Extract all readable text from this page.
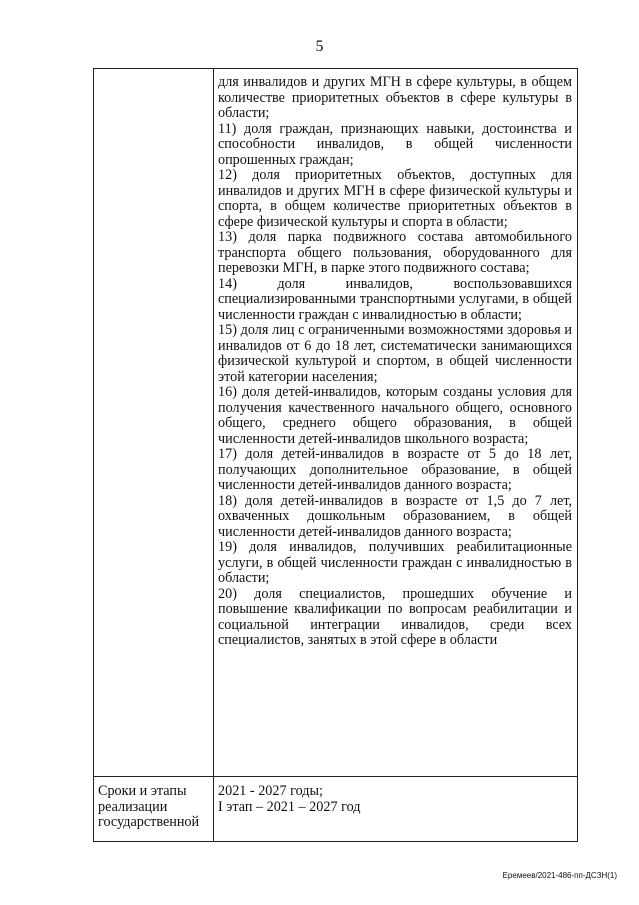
5

для инвалидов и других МГН в сфере культуры, в общем количестве приоритетных объектов в сфере культуры в области;

11) доля граждан, признающих навыки, достоинства и способности инвалидов, в общей численности опрошенных граждан;

12) доля приоритетных объектов, доступных для инвалидов и других МГН в сфере физической культуры и спорта, в общем количестве приоритетных объектов в сфере физической культуры и спорта в области;

13) доля парка подвижного состава автомобильного транспорта общего пользования, оборудованного для перевозки МГН, в парке этого подвижного состава;

14) доля инвалидов, воспользовавшихся специализированными транспортными услугами, в общей численности граждан с инвалидностью в области;

15) доля лиц с ограниченными возможностями здоровья и инвалидов от 6 до 18 лет, систематически занимающихся физической культурой и спортом, в общей численности этой категории населения;

16) доля детей-инвалидов, которым созданы условия для получения качественного начального общего, основного общего, среднего общего образования, в общей численности детей-инвалидов школьного возраста;

17) доля детей-инвалидов в возрасте от 5 до 18 лет, получающих дополнительное образование, в общей численности детей-инвалидов данного возраста;

18) доля детей-инвалидов в возрасте от 1,5 до 7 лет, охваченных дошкольным образованием, в общей численности детей-инвалидов данного возраста;

19) доля инвалидов, получивших реабилитационные услуги, в общей численности граждан с инвалидностью в области;

20) доля специалистов, прошедших обучение и повышение квалификации по вопросам реабилитации и социальной интеграции инвалидов, среди всех специалистов, занятых в этой сфере в области

Сроки и этапы
реализации
государственной
2021 - 2027 годы;
I этап – 2021 – 2027 год
Еремеев/2021-486-пп-ДСЗН(1)
